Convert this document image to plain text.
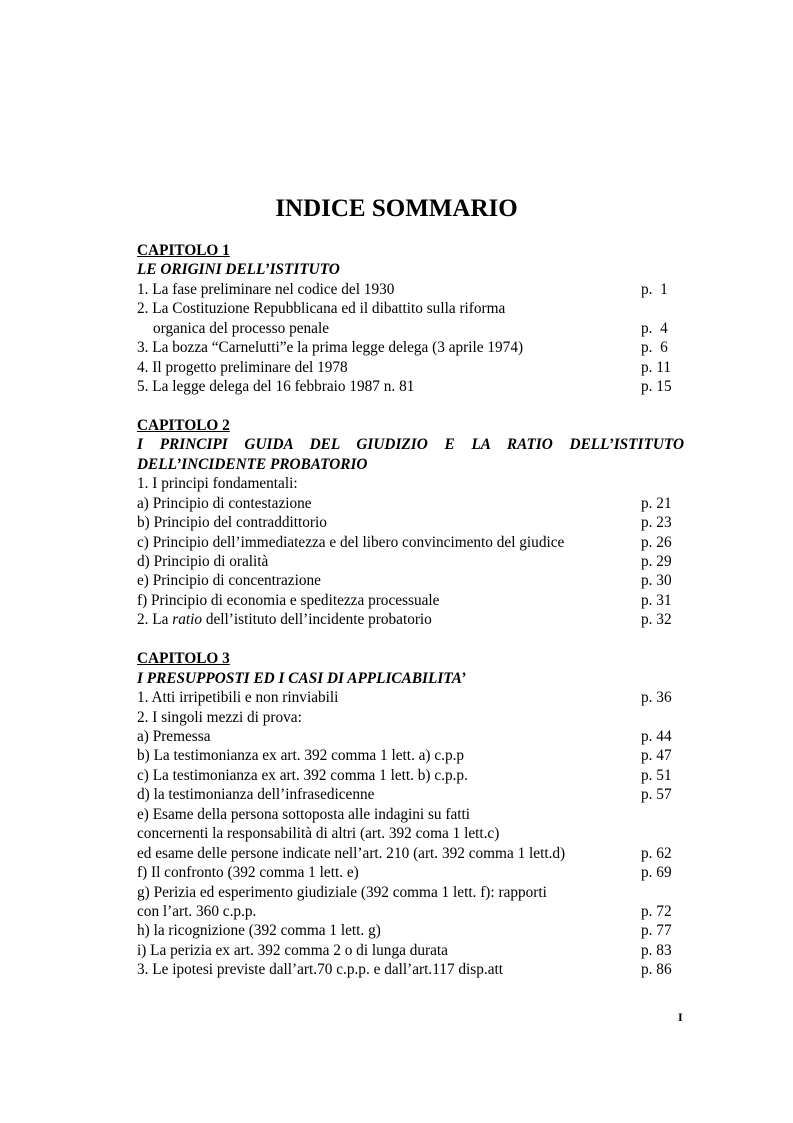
INDICE SOMMARIO
CAPITOLO 1
LE ORIGINI DELL’ISTITUTO
1. La fase preliminare nel codice del 1930	p.  1
2. La Costituzione Repubblicana ed il dibattito sulla riforma
organica del processo penale	p.  4
3. La bozza “Carnelutti”e la prima legge delega (3 aprile 1974)	p.  6
4. Il progetto preliminare del 1978	p. 11
5. La legge delega del 16 febbraio 1987 n. 81	p. 15
CAPITOLO 2
I PRINCIPI GUIDA DEL GIUDIZIO E LA RATIO DELL’ISTITUTO
DELL’INCIDENTE PROBATORIO
1. I principi fondamentali:
a) Principio di contestazione	p. 21
b) Principio del contraddittorio	p. 23
c) Principio dell’immediatezza e del libero convincimento del giudice	p. 26
d) Principio di oralità	p. 29
e) Principio di concentrazione	p. 30
f) Principio di economia e speditezza processuale	p. 31
2. La ratio dell’istituto dell’incidente probatorio	p. 32
CAPITOLO 3
I PRESUPPOSTI ED I CASI DI APPLICABILITA’
1. Atti irripetibili e non rinviabili	p. 36
2. I singoli mezzi di prova:
a) Premessa	p. 44
b) La testimonianza ex art. 392 comma 1 lett. a) c.p.p	p. 47
c) La testimonianza ex art. 392 comma 1 lett. b) c.p.p.	p. 51
d) la testimonianza dell’infrasedicenne	p. 57
e) Esame della persona sottoposta alle indagini su fatti
concernenti la responsabilità di altri (art. 392 coma 1 lett.c)
ed esame delle persone indicate nell’art. 210 (art. 392 comma 1 lett.d)	p. 62
f) Il confronto (392 comma 1 lett. e)	p. 69
g) Perizia ed esperimento giudiziale (392 comma 1 lett. f): rapporti
con l’art. 360 c.p.p.	p. 72
h) la ricognizione (392 comma 1 lett. g)	p. 77
i) La perizia ex art. 392 comma 2 o di lunga durata	p. 83
3. Le ipotesi previste dall’art.70 c.p.p. e dall’art.117 disp.att	p. 86
I
